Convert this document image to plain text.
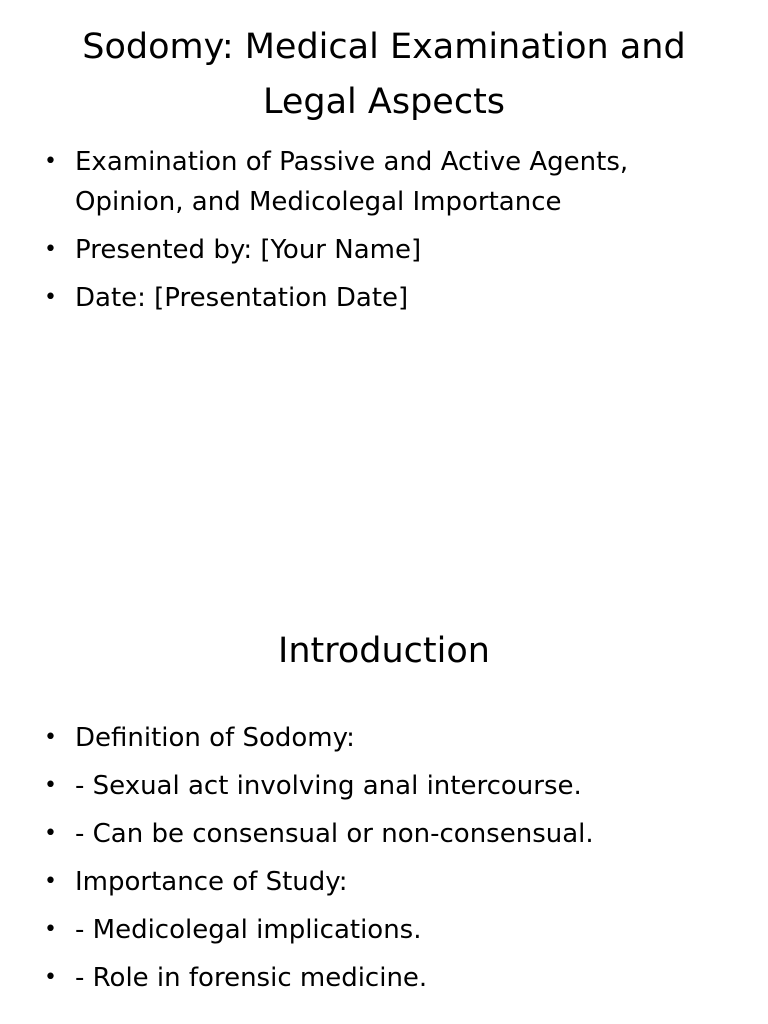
Sodomy: Medical Examination and Legal Aspects
• Examination of Passive and Active Agents, Opinion, and Medicolegal Importance
• Presented by: [Your Name]
• Date: [Presentation Date]
Introduction
• Definition of Sodomy:
• - Sexual act involving anal intercourse.
• - Can be consensual or non-consensual.
• Importance of Study:
• - Medicolegal implications.
• - Role in forensic medicine.
